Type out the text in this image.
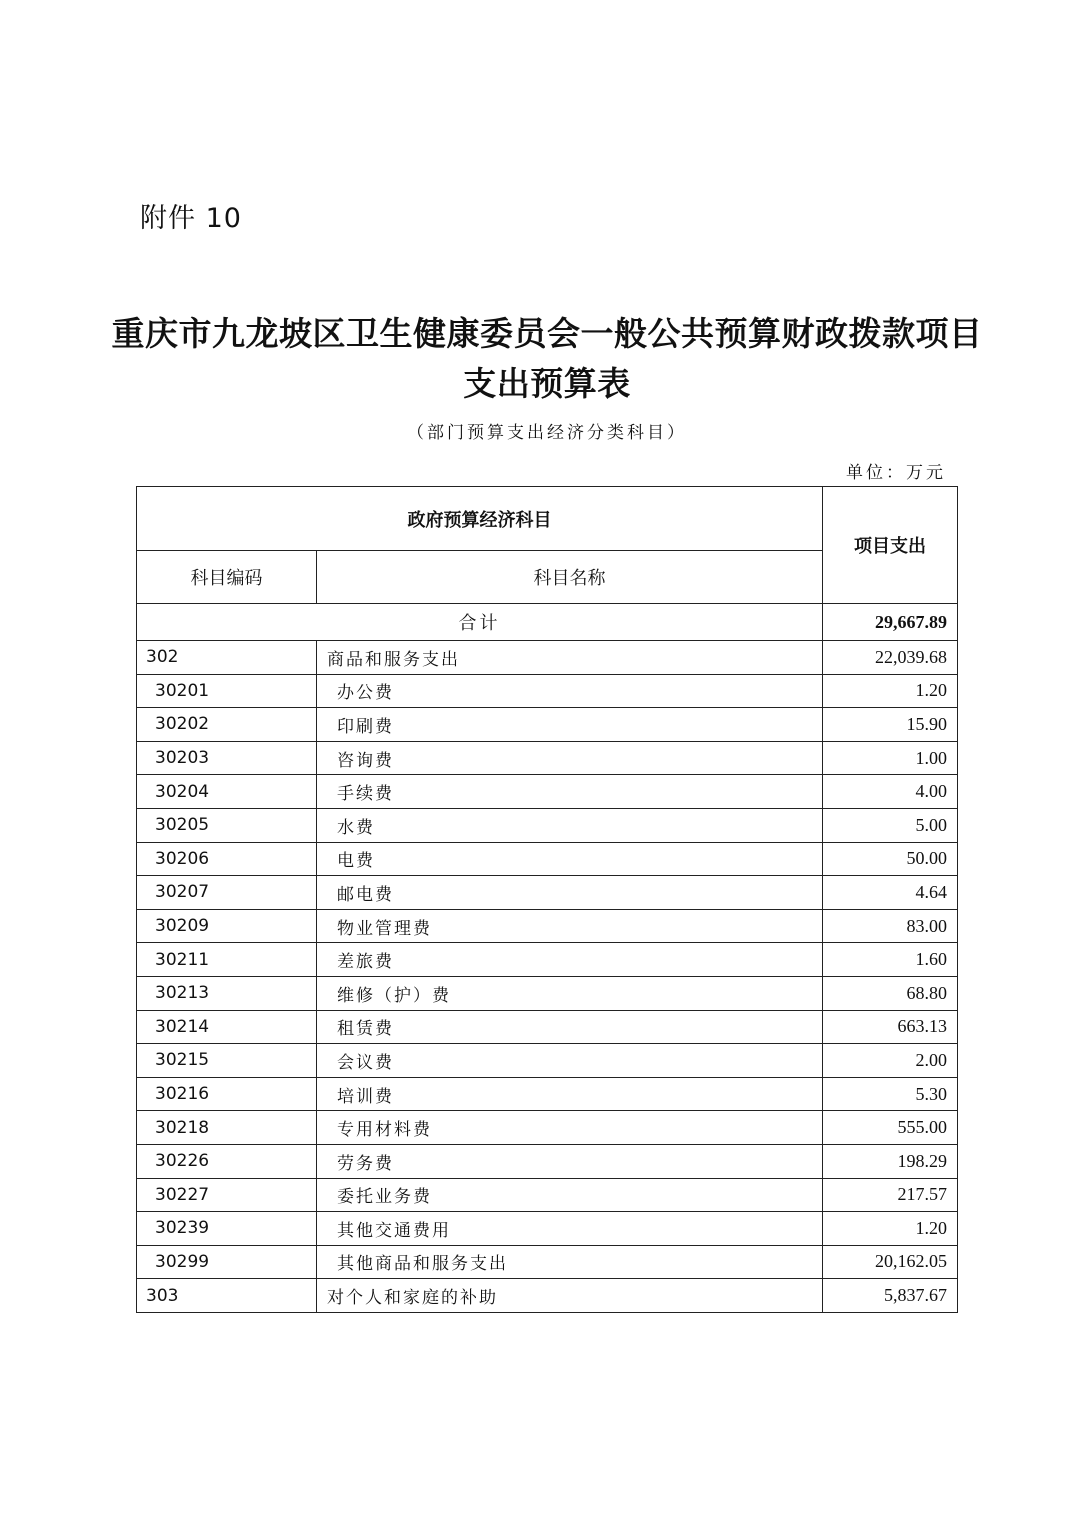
附件 10
重庆市九龙坡区卫生健康委员会一般公共预算财政拨款项目
支出预算表
（部门预算支出经济分类科目）
单位：万元
政府预算经济科目		项目支出
科目编码	科目名称	
合计		29,667.89
302	商品和服务支出	22,039.68
30201	办公费	1.20
30202	印刷费	15.90
30203	咨询费	1.00
30204	手续费	4.00
30205	水费	5.00
30206	电费	50.00
30207	邮电费	4.64
30209	物业管理费	83.00
30211	差旅费	1.60
30213	维修（护）费	68.80
30214	租赁费	663.13
30215	会议费	2.00
30216	培训费	5.30
30218	专用材料费	555.00
30226	劳务费	198.29
30227	委托业务费	217.57
30239	其他交通费用	1.20
30299	其他商品和服务支出	20,162.05
303	对个人和家庭的补助	5,837.67
